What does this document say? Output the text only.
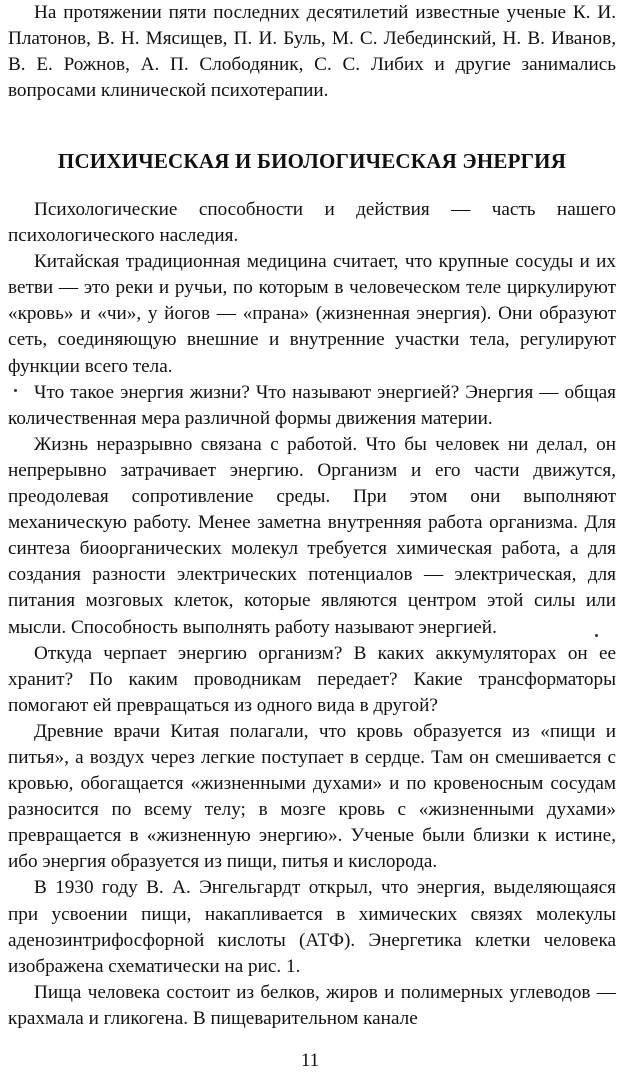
На протяжении пяти последних десятилетий известные ученые К. И. Платонов, В. Н. Мясищев, П. И. Буль, М. С. Лебединский, Н. В. Иванов, В. Е. Рожнов, А. П. Слободяник, С. С. Либих и другие занимались вопросами клинической психотерапии.

ПСИХИЧЕСКАЯ И БИОЛОГИЧЕСКАЯ ЭНЕРГИЯ

Психологические способности и действия — часть нашего психологического наследия.

Китайская традиционная медицина считает, что крупные сосуды и их ветви — это реки и ручьи, по которым в человеческом теле циркулируют «кровь» и «чи», у йогов — «прана» (жизненная энергия). Они образуют сеть, соединяющую внешние и внутренние участки тела, регулируют функции всего тела.

Что такое энергия жизни? Что называют энергией? Энергия — общая количественная мера различной формы движения материи.

Жизнь неразрывно связана с работой. Что бы человек ни делал, он непрерывно затрачивает энергию. Организм и его части движутся, преодолевая сопротивление среды. При этом они выполняют механическую работу. Менее заметна внутренняя работа организма. Для синтеза биоорганических молекул требуется химическая работа, а для создания разности электрических потенциалов — электрическая, для питания мозговых клеток, которые являются центром этой силы или мысли. Способность выполнять работу называют энергией.

Откуда черпает энергию организм? В каких аккумуляторах он ее хранит? По каким проводникам передает? Какие трансформаторы помогают ей превращаться из одного вида в другой?

Древние врачи Китая полагали, что кровь образуется из «пищи и питья», а воздух через легкие поступает в сердце. Там он смешивается с кровью, обогащается «жизненными духами» и по кровеносным сосудам разносится по всему телу; в мозге кровь с «жизненными духами» превращается в «жизненную энергию». Ученые были близки к истине, ибо энергия образуется из пищи, питья и кислорода.

В 1930 году В. А. Энгельгардт открыл, что энергия, выделяющаяся при усвоении пищи, накапливается в химических связях молекулы аденозинтрифосфорной кислоты (АТФ). Энергетика клетки человека изображена схематически на рис. 1.

Пища человека состоит из белков, жиров и полимерных углеводов — крахмала и гликогена. В пищеварительном канале

11
